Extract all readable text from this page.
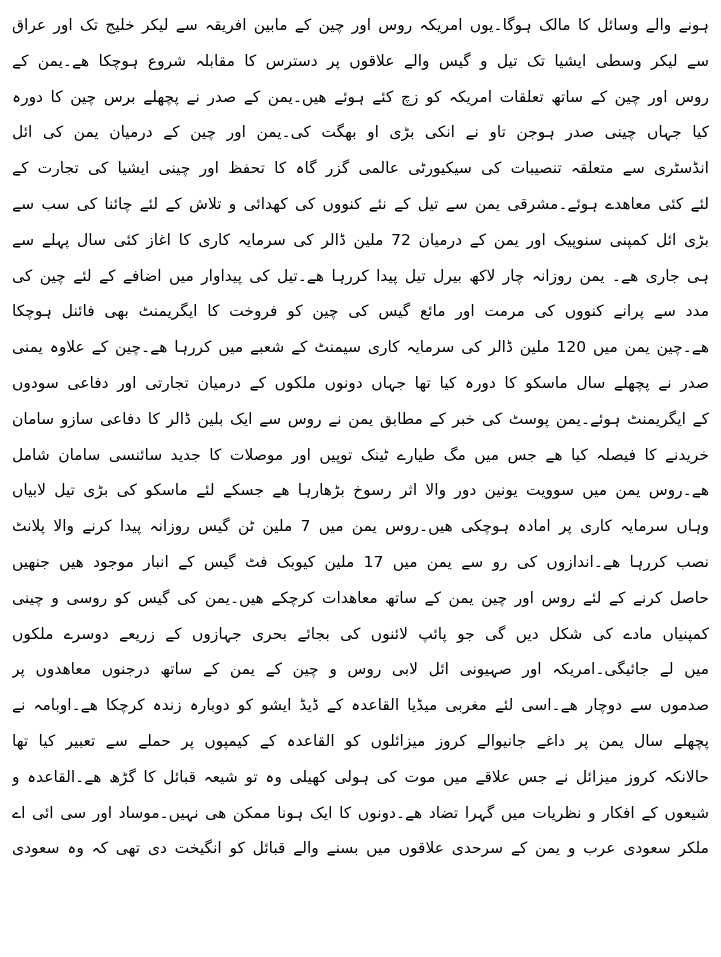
ہونے والے وسائل کا مالک ہوگا۔یوں امریکہ روس اور چین کے مابین افریقہ سے لیکر خلیج تک اور عراق
سے لیکر وسطی ایشیا تک تیل و گیس والے علاقوں پر دسترس کا مقابلہ شروع ہوچکا ھے۔یمن کے
روس اور چین کے ساتھ تعلقات امریکہ کو زچ کئے ہوئے ھیں۔یمن کے صدر نے پچھلے برس چین کا دورہ
کیا جہاں چینی صدر ہوجن تاو نے انکی بڑی او بھگت کی۔یمن اور چین کے درمیان یمن کی ائل
انڈسٹری سے متعلقہ تنصیبات کی سیکیورٹی عالمی گزر گاہ کا تحفظ اور چینی ایشیا کی تجارت کے
لئے کئی معاھدے ہوئے۔مشرقی یمن سے تیل کے نئے کنووں کی کھدائی و تلاش کے لئے چائنا کی سب سے
بڑی ائل کمپنی سنوپیک اور یمن کے درمیان 72 ملین ڈالر کی سرمایہ کاری کا اغاز کئی سال پہلے سے
ہی جاری ھے۔ یمن روزانہ چار لاکھ بیرل تیل پیدا کررہا ھے۔تیل کی پیداوار میں اضافے کے لئے چین کی
مدد سے پرانے کنووں کی مرمت اور مائع گیس کی چین کو فروخت کا ایگریمنٹ بھی فائنل ہوچکا
ھے۔چین یمن میں 120 ملین ڈالر کی سرمایہ کاری سیمنٹ کے شعبے میں کررہا ھے۔چین کے علاوہ یمنی
صدر نے پچھلے سال ماسکو کا دورہ کیا تھا جہاں دونوں ملکوں کے درمیان تجارتی اور دفاعی سودوں
کے ایگریمنٹ ہوئے۔یمن پوسٹ کی خبر کے مطابق یمن نے روس سے ایک بلین ڈالر کا دفاعی سازو سامان
خریدنے کا فیصلہ کیا ھے جس میں مگ طیارے ٹینک توپیں اور موصلات کا جدید سائنسی سامان شامل
ھے۔روس یمن میں سوویت یونین دور والا اثر رسوخ بڑھارہا ھے جسکے لئے ماسکو کی بڑی تیل لابیاں
وہاں سرمایہ کاری پر امادہ ہوچکی ھیں۔روس یمن میں 7 ملین ٹن گیس روزانہ پیدا کرنے والا پلانٹ
نصب کررہا ھے۔اندازوں کی رو سے یمن میں 17 ملین کیوبک فٹ گیس کے انبار موجود ھیں جنھیں
حاصل کرنے کے لئے روس اور چین یمن کے ساتھ معاھدات کرچکے ھیں۔یمن کی گیس کو روسی و چینی
کمپنیاں مادے کی شکل دیں گی جو پائپ لائنوں کی بجائے بحری جہازوں کے زریعے دوسرے ملکوں
میں لے جائیگی۔امریکہ اور صہیونی ائل لابی روس و چین کے یمن کے ساتھ درجنوں معاھدوں پر
صدموں سے دوچار ھے۔اسی لئے مغربی میڈیا القاعدہ کے ڈیڈ ایشو کو دوبارہ زندہ کرچکا ھے۔اوبامہ نے
پچھلے سال یمن پر داغے جانیوالے کروز میزائلوں کو القاعدہ کے کیمپوں پر حملے سے تعبیر کیا تھا
حالانکہ کروز میزائل نے جس علاقے میں موت کی ہولی کھیلی وہ تو شیعہ قبائل کا گڑھ ھے۔القاعدہ و
شیعوں کے افکار و نظریات میں گہرا تضاد ھے۔دونوں کا ایک ہونا ممکن ھی نہیں۔موساد اور سی ائی اے
ملکر سعودی عرب و یمن کے سرحدی علاقوں میں بسنے والے قبائل کو انگیخت دی تھی کہ وہ سعودی
